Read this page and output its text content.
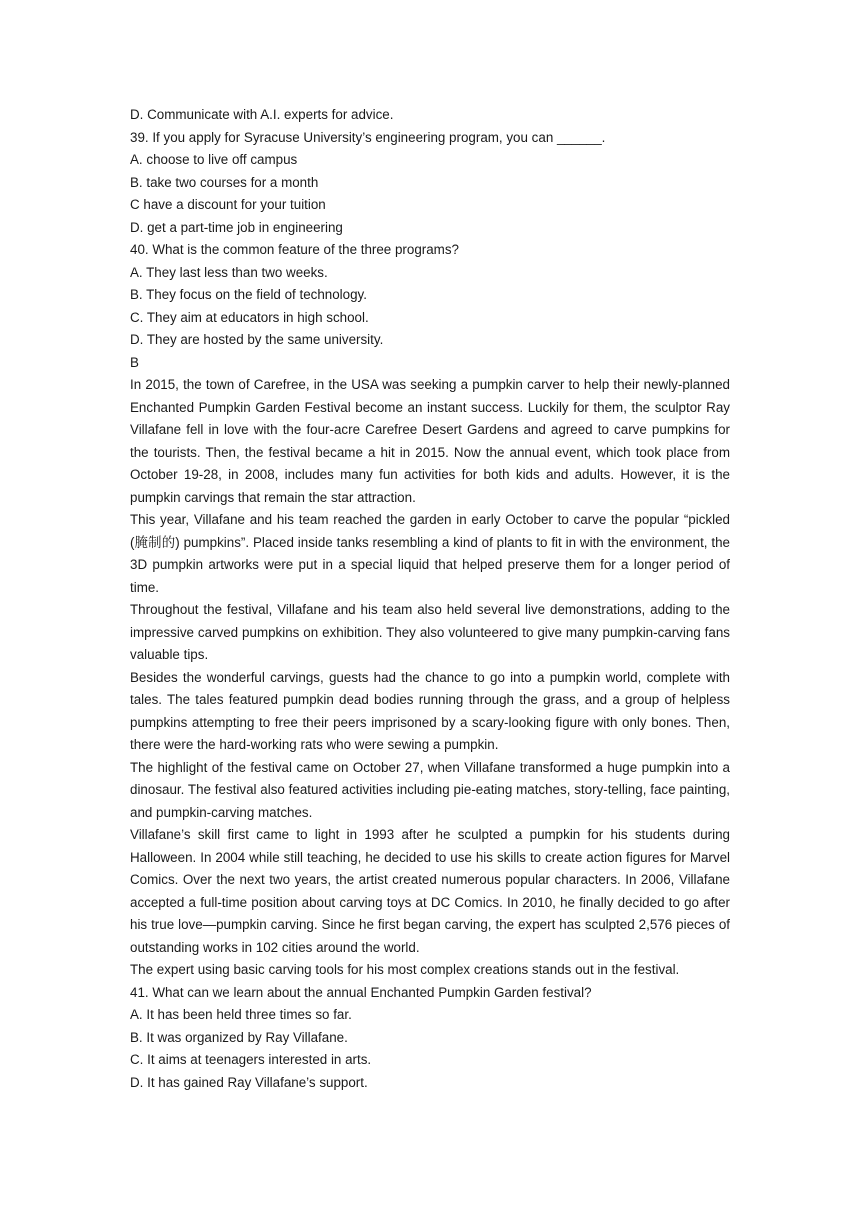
D. Communicate with A.I. experts for advice.

39. If you apply for Syracuse University’s engineering program, you can ______.

A. choose to live off campus

B. take two courses for a month

C have a discount for your tuition

D. get a part-time job in engineering

40. What is the common feature of the three programs?

A. They last less than two weeks.

B. They focus on the field of technology.

C. They aim at educators in high school.

D. They are hosted by the same university.

B

In 2015, the town of Carefree, in the USA was seeking a pumpkin carver to help their newly-planned Enchanted Pumpkin Garden Festival become an instant success. Luckily for them, the sculptor Ray Villafane fell in love with the four-acre Carefree Desert Gardens and agreed to carve pumpkins for the tourists. Then, the festival became a hit in 2015. Now the annual event, which took place from October 19-28, in 2008, includes many fun activities for both kids and adults. However, it is the pumpkin carvings that remain the star attraction.

This year, Villafane and his team reached the garden in early October to carve the popular “pickled (腌制的) pumpkins”. Placed inside tanks resembling a kind of plants to fit in with the environment, the 3D pumpkin artworks were put in a special liquid that helped preserve them for a longer period of time.

Throughout the festival, Villafane and his team also held several live demonstrations, adding to the impressive carved pumpkins on exhibition. They also volunteered to give many pumpkin-carving fans valuable tips.

Besides the wonderful carvings, guests had the chance to go into a pumpkin world, complete with tales. The tales featured pumpkin dead bodies running through the grass, and a group of helpless pumpkins attempting to free their peers imprisoned by a scary-looking figure with only bones. Then, there were the hard-working rats who were sewing a pumpkin.

The highlight of the festival came on October 27, when Villafane transformed a huge pumpkin into a dinosaur. The festival also featured activities including pie-eating matches, story-telling, face painting, and pumpkin-carving matches.

Villafane’s skill first came to light in 1993 after he sculpted a pumpkin for his students during Halloween. In 2004 while still teaching, he decided to use his skills to create action figures for Marvel Comics. Over the next two years, the artist created numerous popular characters. In 2006, Villafane accepted a full-time position about carving toys at DC Comics. In 2010, he finally decided to go after his true love—pumpkin carving. Since he first began carving, the expert has sculpted 2,576 pieces of outstanding works in 102 cities around the world.

The expert using basic carving tools for his most complex creations stands out in the festival.

41. What can we learn about the annual Enchanted Pumpkin Garden festival?

A. It has been held three times so far.

B. It was organized by Ray Villafane.

C. It aims at teenagers interested in arts.

D. It has gained Ray Villafane’s support.
